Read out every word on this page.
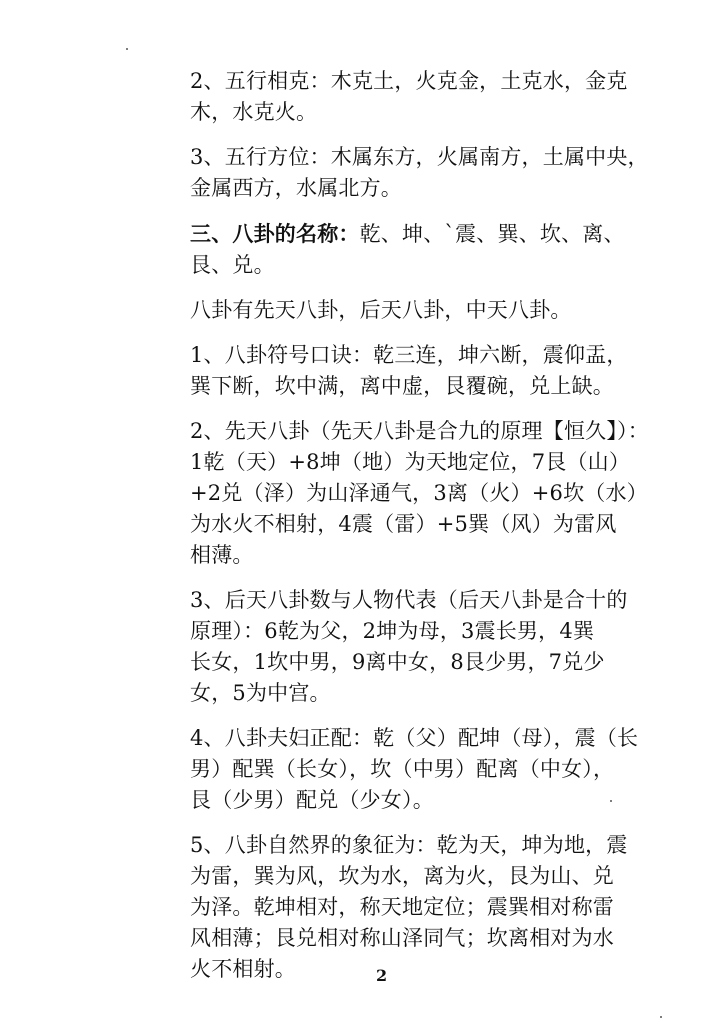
2、五行相克：木克土，火克金，土克水，金克
木，水克火。
3、五行方位：木属东方，火属南方，土属中央，
金属西方，水属北方。
三、八卦的名称：乾、坤、`震、巽、坎、离、
艮、兑。
八卦有先天八卦，后天八卦，中天八卦。
1、八卦符号口诀：乾三连，坤六断，震仰盂，
巽下断，坎中满，离中虚，艮覆碗，兑上缺。
2、先天八卦（先天八卦是合九的原理【恒久】）：
1乾（天）+8坤（地）为天地定位，7艮（山）
+2兑（泽）为山泽通气，3离（火）+6坎（水）
为水火不相射，4震（雷）+5巽（风）为雷风
相薄。
3、后天八卦数与人物代表（后天八卦是合十的
原理）：6乾为父，2坤为母，3震长男，4巽
长女，1坎中男，9离中女，8艮少男，7兑少
女，5为中宫。
4、八卦夫妇正配：乾（父）配坤（母），震（长
男）配巽（长女），坎（中男）配离（中女），
艮（少男）配兑（少女）。
5、八卦自然界的象征为：乾为天，坤为地，震
为雷，巽为风，坎为水，离为火，艮为山、兑
为泽。乾坤相对，称天地定位；震巽相对称雷
风相薄；艮兑相对称山泽同气；坎离相对为水
火不相射。	2
